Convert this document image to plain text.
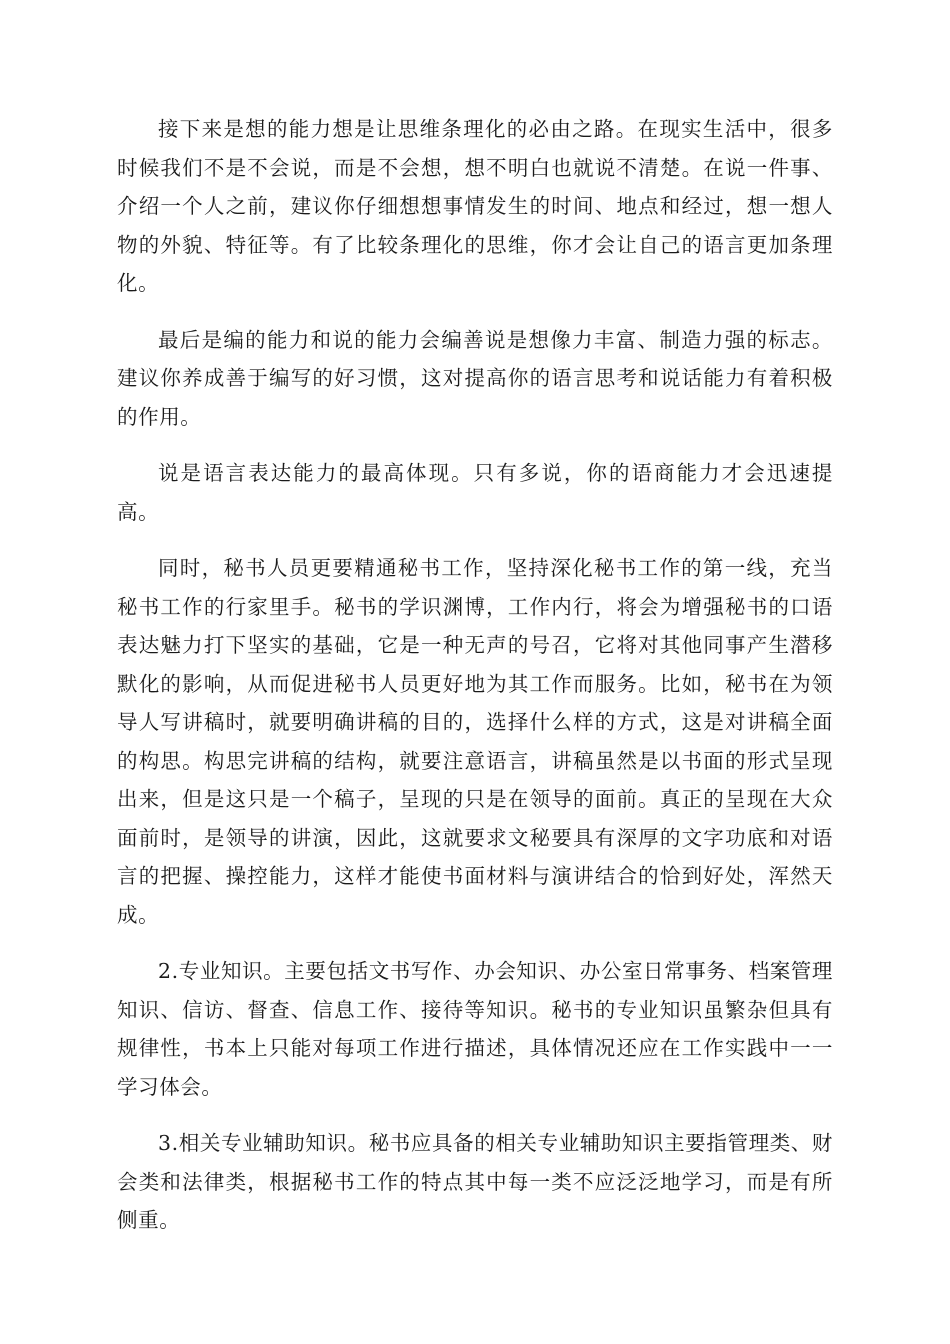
接下来是想的能力想是让思维条理化的必由之路。在现实生活中，很多时候我们不是不会说，而是不会想，想不明白也就说不清楚。在说一件事、介绍一个人之前，建议你仔细想想事情发生的时间、地点和经过，想一想人物的外貌、特征等。有了比较条理化的思维，你才会让自己的语言更加条理化。

最后是编的能力和说的能力会编善说是想像力丰富、制造力强的标志。建议你养成善于编写的好习惯，这对提高你的语言思考和说话能力有着积极的作用。

说是语言表达能力的最高体现。只有多说，你的语商能力才会迅速提高。

同时，秘书人员更要精通秘书工作，坚持深化秘书工作的第一线，充当秘书工作的行家里手。秘书的学识渊博，工作内行，将会为增强秘书的口语表达魅力打下坚实的基础，它是一种无声的号召，它将对其他同事产生潜移默化的影响，从而促进秘书人员更好地为其工作而服务。比如，秘书在为领导人写讲稿时，就要明确讲稿的目的，选择什么样的方式，这是对讲稿全面的构思。构思完讲稿的结构，就要注意语言，讲稿虽然是以书面的形式呈现出来，但是这只是一个稿子，呈现的只是在领导的面前。真正的呈现在大众面前时，是领导的讲演，因此，这就要求文秘要具有深厚的文字功底和对语言的把握、操控能力，这样才能使书面材料与演讲结合的恰到好处，浑然天成。

2.专业知识。主要包括文书写作、办会知识、办公室日常事务、档案管理知识、信访、督查、信息工作、接待等知识。秘书的专业知识虽繁杂但具有规律性，书本上只能对每项工作进行描述，具体情况还应在工作实践中一一学习体会。

3.相关专业辅助知识。秘书应具备的相关专业辅助知识主要指管理类、财会类和法律类，根据秘书工作的特点其中每一类不应泛泛地学习，而是有所侧重。
